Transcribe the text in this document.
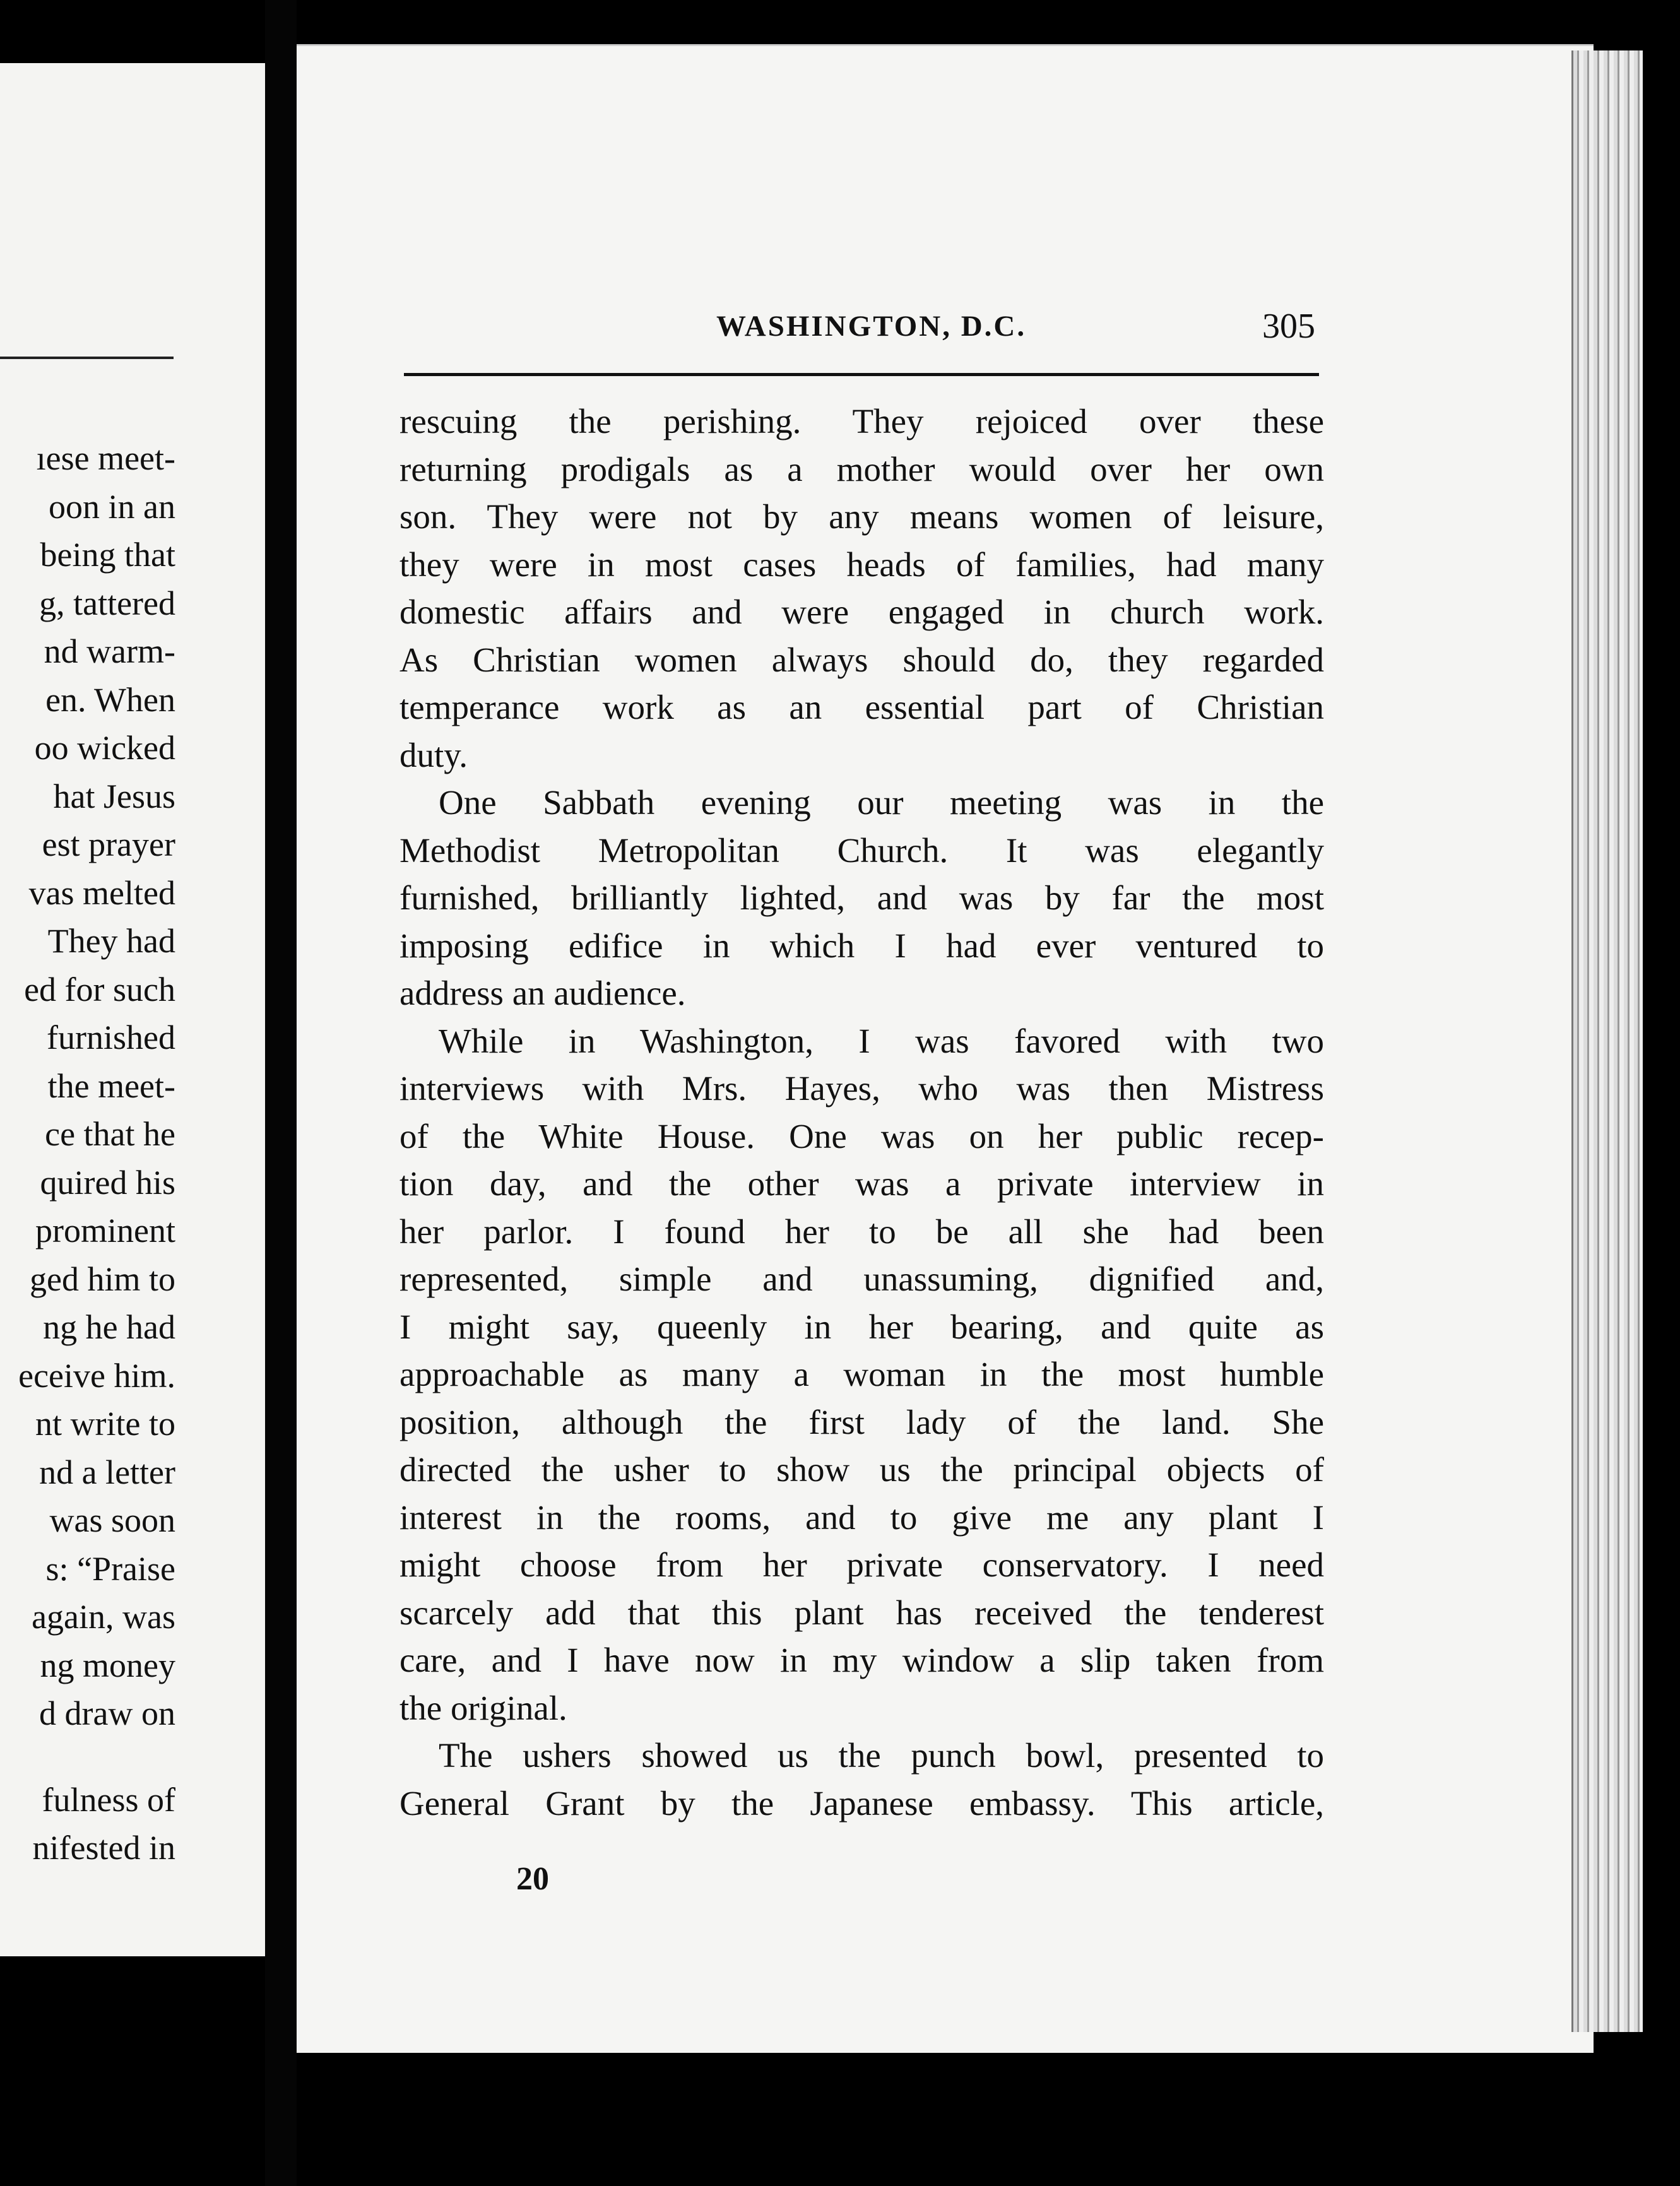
ıese meet-
oon in an
being that
g, tattered
nd warm-
en. When
oo wicked
hat Jesus
est prayer
vas melted
They had
ed for such
furnished
the meet-
ce that he
quired his
prominent
ged him to
ng he had
eceive him.
nt write to
nd a letter
was soon
s: “Praise
again, was
ng money
d draw on
fulness of
nifested in
WASHINGTON, D.C.	305
rescuing the perishing. They rejoiced over these
returning prodigals as a mother would over her own
son. They were not by any means women of leisure,
they were in most cases heads of families, had many
domestic affairs and were engaged in church work.
As Christian women always should do, they regarded
temperance work as an essential part of Christian
duty.
One Sabbath evening our meeting was in the
Methodist Metropolitan Church. It was elegantly
furnished, brilliantly lighted, and was by far the most
imposing edifice in which I had ever ventured to
address an audience.
While in Washington, I was favored with two
interviews with Mrs. Hayes, who was then Mistress
of the White House. One was on her public recep-
tion day, and the other was a private interview in
her parlor. I found her to be all she had been
represented, simple and unassuming, dignified and,
I might say, queenly in her bearing, and quite as
approachable as many a woman in the most humble
position, although the first lady of the land. She
directed the usher to show us the principal objects of
interest in the rooms, and to give me any plant I
might choose from her private conservatory. I need
scarcely add that this plant has received the tenderest
care, and I have now in my window a slip taken from
the original.
The ushers showed us the punch bowl, presented to
General Grant by the Japanese embassy. This article,
20
